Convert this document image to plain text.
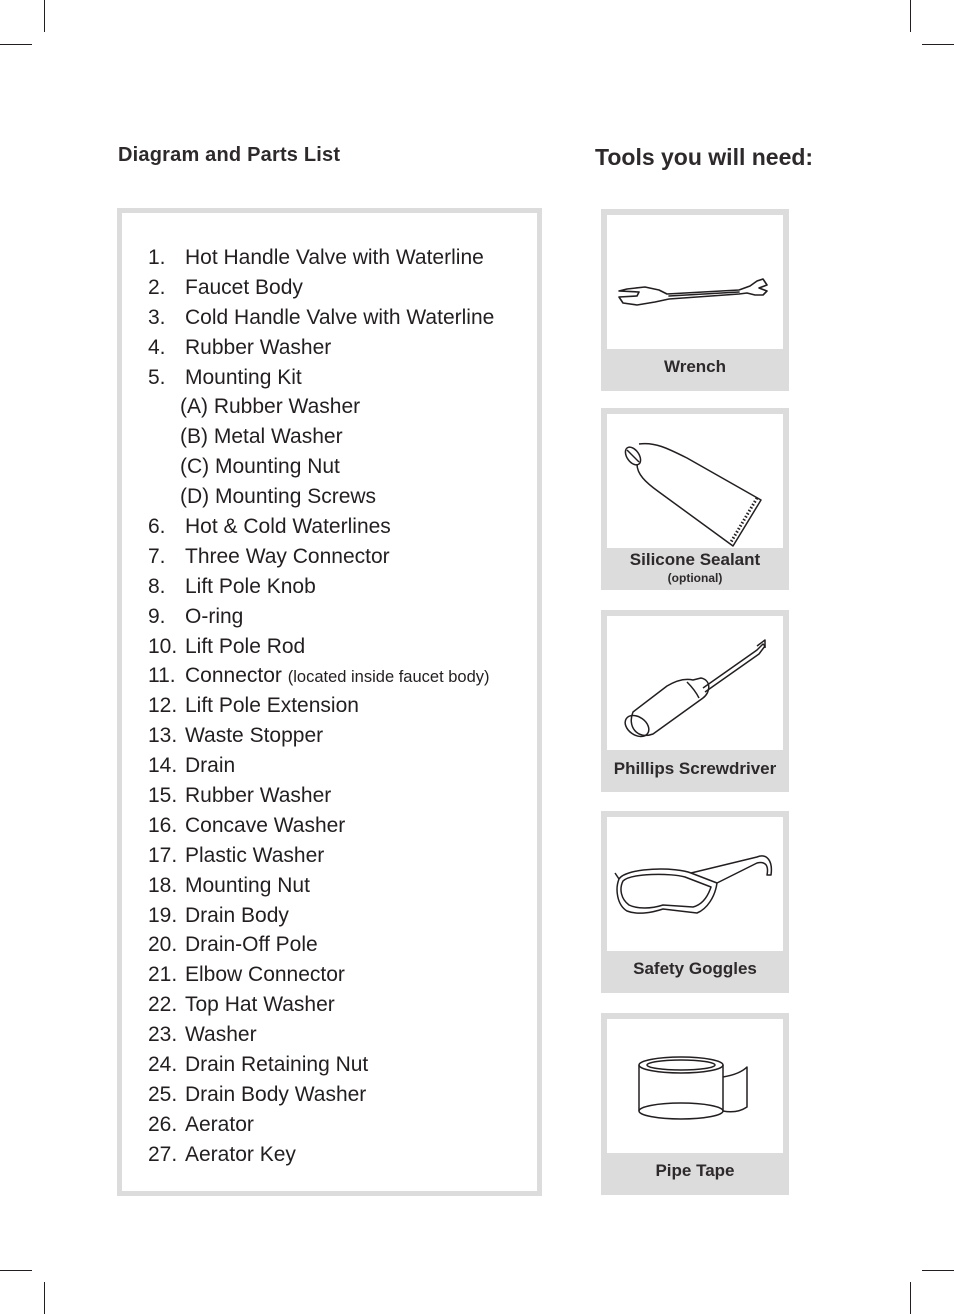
Diagram and Parts List	Tools you will need:
1. Hot Handle Valve with Waterline
2. Faucet Body
3. Cold Handle Valve with Waterline
4. Rubber Washer
5. Mounting Kit
(A) Rubber Washer
(B) Metal Washer
(C) Mounting Nut
(D) Mounting Screws
6. Hot & Cold Waterlines
7. Three Way Connector
8. Lift Pole Knob
9. O-ring
10. Lift Pole Rod
11. Connector (located inside faucet body)
12. Lift Pole Extension
13. Waste Stopper
14. Drain
15. Rubber Washer
16. Concave Washer
17. Plastic Washer
18. Mounting Nut
19. Drain Body
20. Drain-Off Pole
21. Elbow Connector
22. Top Hat Washer
23. Washer
24. Drain Retaining Nut
25. Drain Body Washer
26. Aerator
27. Aerator Key
Wrench
Silicone Sealant
(optional)
Phillips Screwdriver
Safety Goggles
Pipe Tape
